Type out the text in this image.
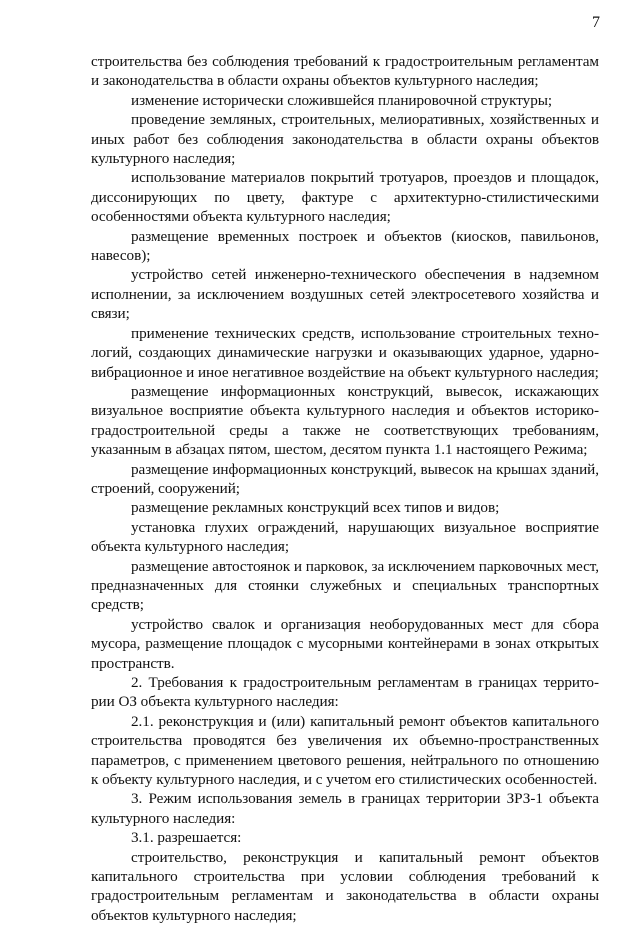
7

строительства без соблюдения требований к градостроительным регламентам и законодательства в области охраны объектов культурного наследия;

изменение исторически сложившейся планировочной структуры;

проведение земляных, строительных, мелиоративных, хозяйственных и иных работ без соблюдения законодательства в области охраны объектов культурного наследия;

использование материалов покрытий тротуаров, проездов и площадок, диссонирующих по цвету, фактуре с архитектурно-стилистическими особенностями объекта культурного наследия;

размещение временных построек и объектов (киосков, павильонов, навесов);

устройство сетей инженерно-технического обеспечения в надземном исполнении, за исключением воздушных сетей электросетевого хозяйства и связи;

применение технических средств, использование строительных технологий, создающих динамические нагрузки и оказывающих ударное, ударно-вибрационное и иное негативное воздействие на объект культурного наследия;

размещение информационных конструкций, вывесок, искажающих визуальное восприятие объекта культурного наследия и объектов историко-градостроительной среды а также не соответствующих требованиям, указанным в абзацах пятом, шестом, десятом пункта 1.1 настоящего Режима;

размещение информационных конструкций, вывесок на крышах зданий, строений, сооружений;

размещение рекламных конструкций всех типов и видов;

установка глухих ограждений, нарушающих визуальное восприятие объекта культурного наследия;

размещение автостоянок и парковок, за исключением парковочных мест, предназначенных для стоянки служебных и специальных транспортных средств;

устройство свалок и организация необорудованных мест для сбора мусора, размещение площадок с мусорными контейнерами в зонах открытых пространств.

2. Требования к градостроительным регламентам в границах территории ОЗ объекта культурного наследия:

2.1. реконструкция и (или) капитальный ремонт объектов капитального строительства проводятся без увеличения их объемно-пространственных параметров, с применением цветового решения, нейтрального по отношению к объекту культурного наследия, и с учетом его стилистических особенностей.

3. Режим использования земель в границах территории ЗРЗ-1 объекта культурного наследия:

3.1. разрешается:

строительство, реконструкция и капитальный ремонт объектов капитального строительства при условии соблюдения требований к градостроительным регламентам и законодательства в области охраны объектов культурного наследия;
